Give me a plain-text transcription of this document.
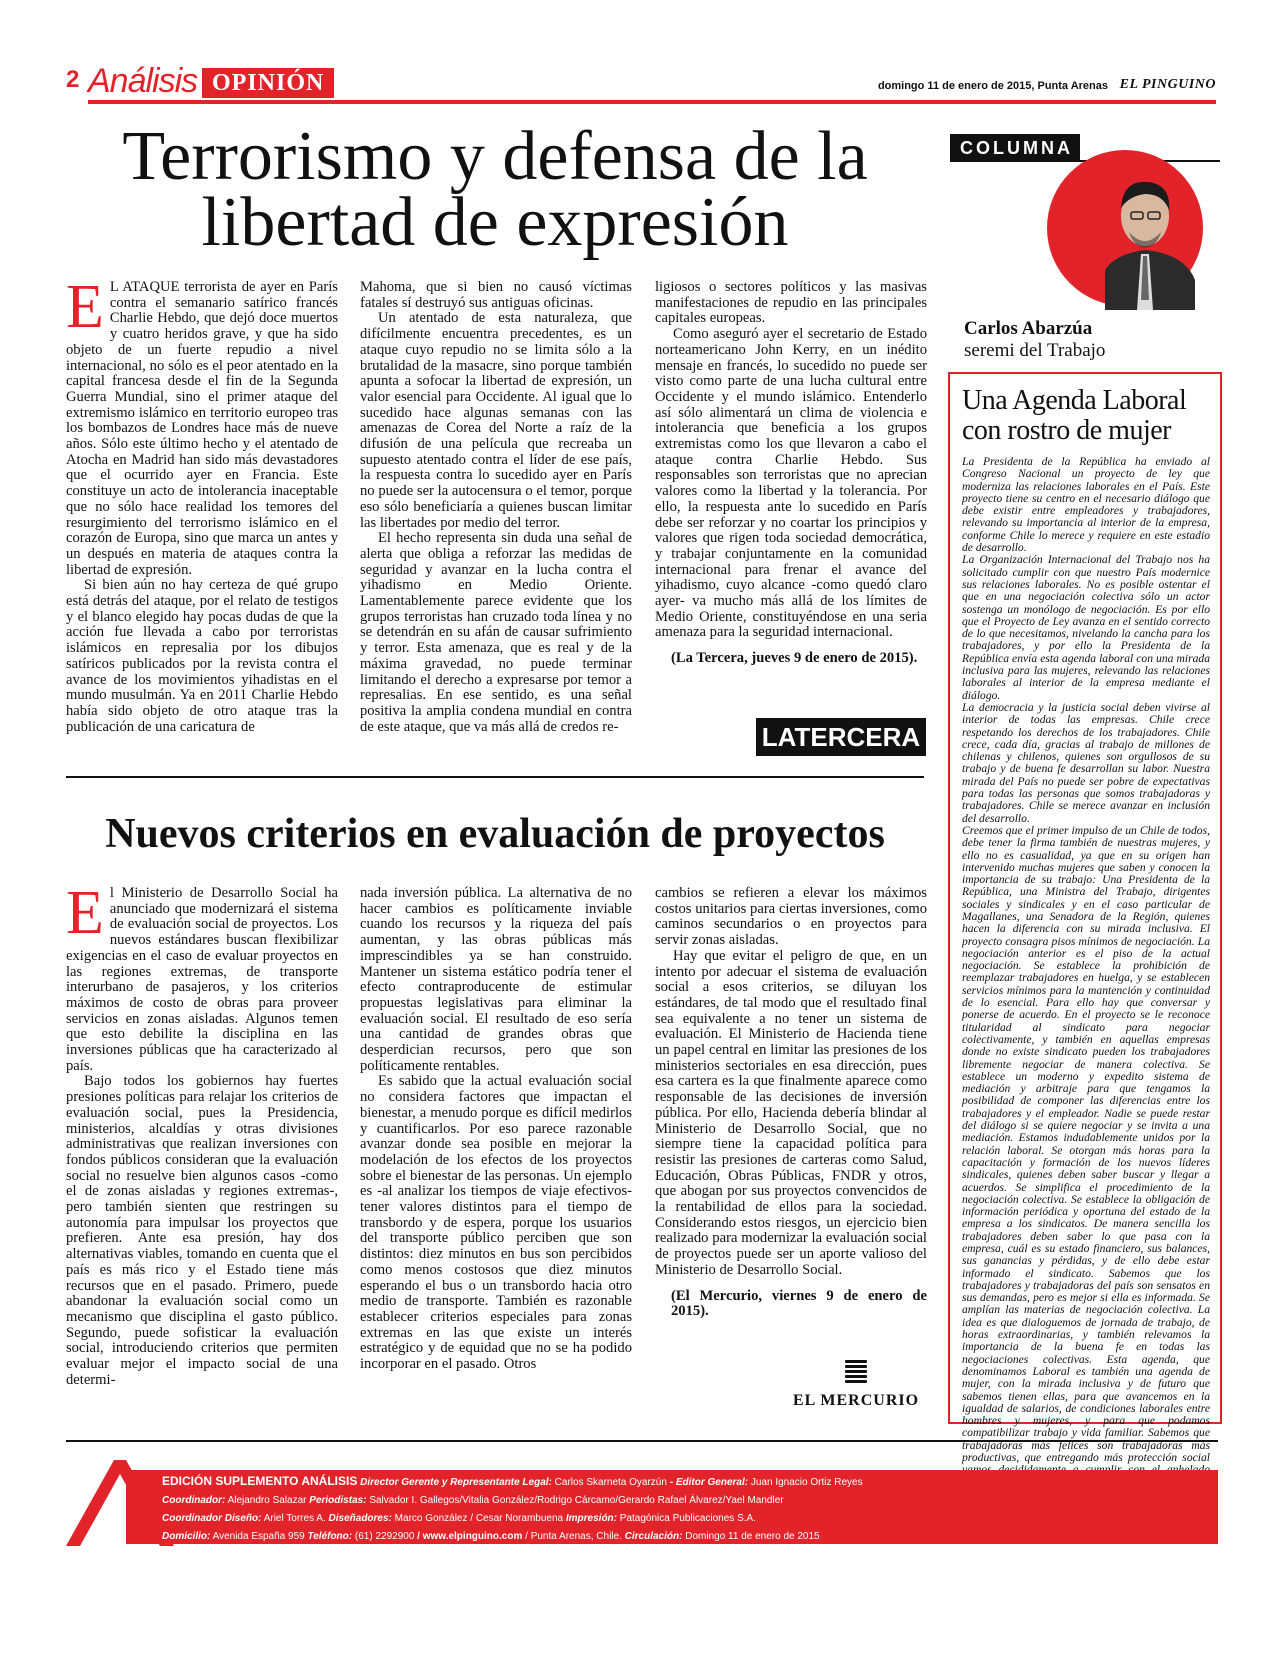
2 Análisis OPINIÓN	domingo 11 de enero de 2015, Punta Arenas EL PINGUINO
Terrorismo y defensa de la libertad de expresión

E L ATAQUE terrorista de ayer en París contra el semanario satírico francés Charlie Hebdo, que dejó doce muertos y cuatro heridos grave, y que ha sido objeto de un fuerte repudio a nivel internacional, no sólo es el peor atentado en la capital francesa desde el fin de la Segunda Guerra Mundial, sino el primer ataque del extremismo islámico en territorio europeo tras los bombazos de Londres hace más de nueve años. Sólo este último hecho y el atentado de Atocha en Madrid han sido más devastadores que el ocurrido ayer en Francia. Este constituye un acto de intolerancia inaceptable que no sólo hace realidad los temores del resurgimiento del terrorismo islámico en el corazón de Europa, sino que marca un antes y un después en materia de ataques contra la libertad de expresión.

Si bien aún no hay certeza de qué grupo está detrás del ataque, por el relato de testigos y el blanco elegido hay pocas dudas de que la acción fue llevada a cabo por terroristas islámicos en represalia por los dibujos satíricos publicados por la revista contra el avance de los movimientos yihadistas en el mundo musulmán. Ya en 2011 Charlie Hebdo había sido objeto de otro ataque tras la publicación de una caricatura de

Mahoma, que si bien no causó víctimas fatales sí destruyó sus antiguas oficinas.

Un atentado de esta naturaleza, que difícilmente encuentra precedentes, es un ataque cuyo repudio no se limita sólo a la brutalidad de la masacre, sino porque también apunta a sofocar la libertad de expresión, un valor esencial para Occidente. Al igual que lo sucedido hace algunas semanas con las amenazas de Corea del Norte a raíz de la difusión de una película que recreaba un supuesto atentado contra el líder de ese país, la respuesta contra lo sucedido ayer en París no puede ser la autocensura o el temor, porque eso sólo beneficiaría a quienes buscan limitar las libertades por medio del terror.

El hecho representa sin duda una señal de alerta que obliga a reforzar las medidas de seguridad y avanzar en la lucha contra el yihadismo en Medio Oriente. Lamentablemente parece evidente que los grupos terroristas han cruzado toda línea y no se detendrán en su afán de causar sufrimiento y terror. Esta amenaza, que es real y de la máxima gravedad, no puede terminar limitando el derecho a expresarse por temor a represalias. En ese sentido, es una señal positiva la amplia condena mundial en contra de este ataque, que va más allá de credos re-

ligiosos o sectores políticos y las masivas manifestaciones de repudio en las principales capitales europeas.

Como aseguró ayer el secretario de Estado norteamericano John Kerry, en un inédito mensaje en francés, lo sucedido no puede ser visto como parte de una lucha cultural entre Occidente y el mundo islámico. Entenderlo así sólo alimentará un clima de violencia e intolerancia que beneficia a los grupos extremistas como los que llevaron a cabo el ataque contra Charlie Hebdo. Sus responsables son terroristas que no aprecian valores como la libertad y la tolerancia. Por ello, la respuesta ante lo sucedido en París debe ser reforzar y no coartar los principios y valores que rigen toda sociedad democrática, y trabajar conjuntamente en la comunidad internacional para frenar el avance del yihadismo, cuyo alcance -como quedó claro ayer- va mucho más allá de los límites de Medio Oriente, constituyéndose en una seria amenaza para la seguridad internacional.

(La Tercera, jueves 9 de enero de 2015).

LATERCERA
Nuevos criterios en evaluación de proyectos

El Ministerio de Desarrollo Social ha anunciado que modernizará el sistema de evaluación social de proyectos. Los nuevos estándares buscan flexibilizar exigencias en el caso de evaluar proyectos en las regiones extremas, de transporte interurbano de pasajeros, y los criterios máximos de costo de obras para proveer servicios en zonas aisladas. Algunos temen que esto debilite la disciplina en las inversiones públicas que ha caracterizado al país.

Bajo todos los gobiernos hay fuertes presiones políticas para relajar los criterios de evaluación social, pues la Presidencia, ministerios, alcaldías y otras divisiones administrativas que realizan inversiones con fondos públicos consideran que la evaluación social no resuelve bien algunos casos -como el de zonas aisladas y regiones extremas-, pero también sienten que restringen su autonomía para impulsar los proyectos que prefieren. Ante esa presión, hay dos alternativas viables, tomando en cuenta que el país es más rico y el Estado tiene más recursos que en el pasado. Primero, puede abandonar la evaluación social como un mecanismo que disciplina el gasto público. Segundo, puede sofisticar la evaluación social, introduciendo criterios que permiten evaluar mejor el impacto social de una determi-

nada inversión pública. La alternativa de no hacer cambios es políticamente inviable cuando los recursos y la riqueza del país aumentan, y las obras públicas más imprescindibles ya se han construido. Mantener un sistema estático podría tener el efecto contraproducente de estimular propuestas legislativas para eliminar la evaluación social. El resultado de eso sería una cantidad de grandes obras que desperdician recursos, pero que son políticamente rentables.

Es sabido que la actual evaluación social no considera factores que impactan el bienestar, a menudo porque es difícil medirlos y cuantificarlos. Por eso parece razonable avanzar donde sea posible en mejorar la modelación de los efectos de los proyectos sobre el bienestar de las personas. Un ejemplo es -al analizar los tiempos de viaje efectivos- tener valores distintos para el tiempo de transbordo y de espera, porque los usuarios del transporte público perciben que son distintos: diez minutos en bus son percibidos como menos costosos que diez minutos esperando el bus o un transbordo hacia otro medio de transporte. También es razonable establecer criterios especiales para zonas extremas en las que existe un interés estratégico y de equidad que no se ha podido incorporar en el pasado. Otros

cambios se refieren a elevar los máximos costos unitarios para ciertas inversiones, como caminos secundarios o en proyectos para servir zonas aisladas.

Hay que evitar el peligro de que, en un intento por adecuar el sistema de evaluación social a esos criterios, se diluyan los estándares, de tal modo que el resultado final sea equivalente a no tener un sistema de evaluación. El Ministerio de Hacienda tiene un papel central en limitar las presiones de los ministerios sectoriales en esa dirección, pues esa cartera es la que finalmente aparece como responsable de las decisiones de inversión pública. Por ello, Hacienda debería blindar al Ministerio de Desarrollo Social, que no siempre tiene la capacidad política para resistir las presiones de carteras como Salud, Educación, Obras Públicas, FNDR y otros, que abogan por sus proyectos convencidos de la rentabilidad de ellos para la sociedad. Considerando estos riesgos, un ejercicio bien realizado para modernizar la evaluación social de proyectos puede ser un aporte valioso del Ministerio de Desarrollo Social.

(El Mercurio, viernes 9 de enero de 2015).

EL MERCURIO
COLUMNA
Carlos Abarzúa
seremi del Trabajo
Una Agenda Laboral con rostro de mujer

La Presidenta de la República ha enviado al Congreso Nacional un proyecto de ley que moderniza las relaciones laborales en el País. Este proyecto tiene su centro en el necesario diálogo que debe existir entre empleadores y trabajadores, relevando su importancia al interior de la empresa, conforme Chile lo merece y requiere en este estadio de desarrollo.

La Organización Internacional del Trabajo nos ha solicitado cumplir con que nuestro País modernice sus relaciones laborales. No es posible ostentar el que en una negociación colectiva sólo un actor sostenga un monólogo de negociación. Es por ello que el Proyecto de Ley avanza en el sentido correcto de lo que necesitamos, nivelando la cancha para los trabajadores, y por ello la Presidenta de la República envía esta agenda laboral con una mirada inclusiva para las mujeres, relevando las relaciones laborales al interior de la empresa mediante el diálogo.

La democracia y la justicia social deben vivirse al interior de todas las empresas. Chile crece respetando los derechos de los trabajadores. Chile crece, cada día, gracias al trabajo de millones de chilenas y chilenos, quienes son orgullosos de su trabajo y de buena fe desarrollan su labor. Nuestra mirada del País no puede ser pobre de expectativas para todas las personas que somos trabajadoras y trabajadores. Chile se merece avanzar en inclusión del desarrollo.

Creemos que el primer impulso de un Chile de todos, debe tener la firma también de nuestras mujeres, y ello no es casualidad, ya que en su origen han intervenido muchas mujeres que saben y conocen la importancia de su trabajo: Una Presidenta de la República, una Ministra del Trabajo, dirigentes sociales y sindicales y en el caso particular de Magallanes, una Senadora de la Región, quienes hacen la diferencia con su mirada inclusiva. El proyecto consagra pisos mínimos de negociación. La negociación anterior es el piso de la actual negociación. Se establece la prohibición de reemplazar trabajadores en huelga, y se establecen servicios mínimos para la mantención y continuidad de lo esencial. Para ello hay que conversar y ponerse de acuerdo. En el proyecto se le reconoce titularidad al sindicato para negociar colectivamente, y también en aquellas empresas donde no existe sindicato pueden los trabajadores libremente negociar de manera colectiva. Se establece un moderno y expedito sistema de mediación y arbitraje para que tengamos la posibilidad de componer las diferencias entre los trabajadores y el empleador. Nadie se puede restar del diálogo si se quiere negociar y se invita a una mediación. Estamos indudablemente unidos por la relación laboral. Se otorgan más horas para la capacitación y formación de los nuevos líderes sindicales, quienes deben saber buscar y llegar a acuerdos. Se simplifica el procedimiento de la negociación colectiva. Se establece la obligación de información periódica y oportuna del estado de la empresa a los sindicatos. De manera sencilla los trabajadores deben saber lo que pasa con la empresa, cuál es su estado financiero, sus balances, sus ganancias y pérdidas, y de ello debe estar informado el sindicato. Sabemos que los trabajadores y trabajadoras del país son sensatos en sus demandas, pero es mejor si ella es informada. Se amplían las materias de negociación colectiva. La idea es que dialoguemos de jornada de trabajo, de horas extraordinarias, y también relevamos la importancia de la buena fe en todas las negociaciones colectivas. Esta agenda, que denominamos Laboral es también una agenda de mujer, con la mirada inclusiva y de futuro que sabemos tienen ellas, para que avancemos en la igualdad de salarios, de condiciones laborales entre hombres y mujeres, y para que podamos compatibilizar trabajo y vida familiar. Sabemos que trabajadoras más felices son trabajadoras más productivas, que entregando más protección social

EDICIÓN SUPLEMENTO ANÁLISIS Director Gerente y Representante Legal: Carlos Skarneta Oyarzún - Editor General: Juan Ignacio Ortiz Reyes
Coordinador: Alejandro Salazar Periodistas: Salvador I. Gallegos/Vitalia González/Rodrigo Cárcamo/Gerardo Rafael Álvarez/Yael Mandler
Coordinador Diseño: Ariel Torres A. Diseñadores: Marco González / Cesar Norambuena Impresión: Patagónica Publicaciones S.A.
Domicilio: Avenida España 959 Teléfono: (61) 2292900 / www.elpinguino.com / Punta Arenas, Chile. Circulación: Domingo 11 de enero de 2015
